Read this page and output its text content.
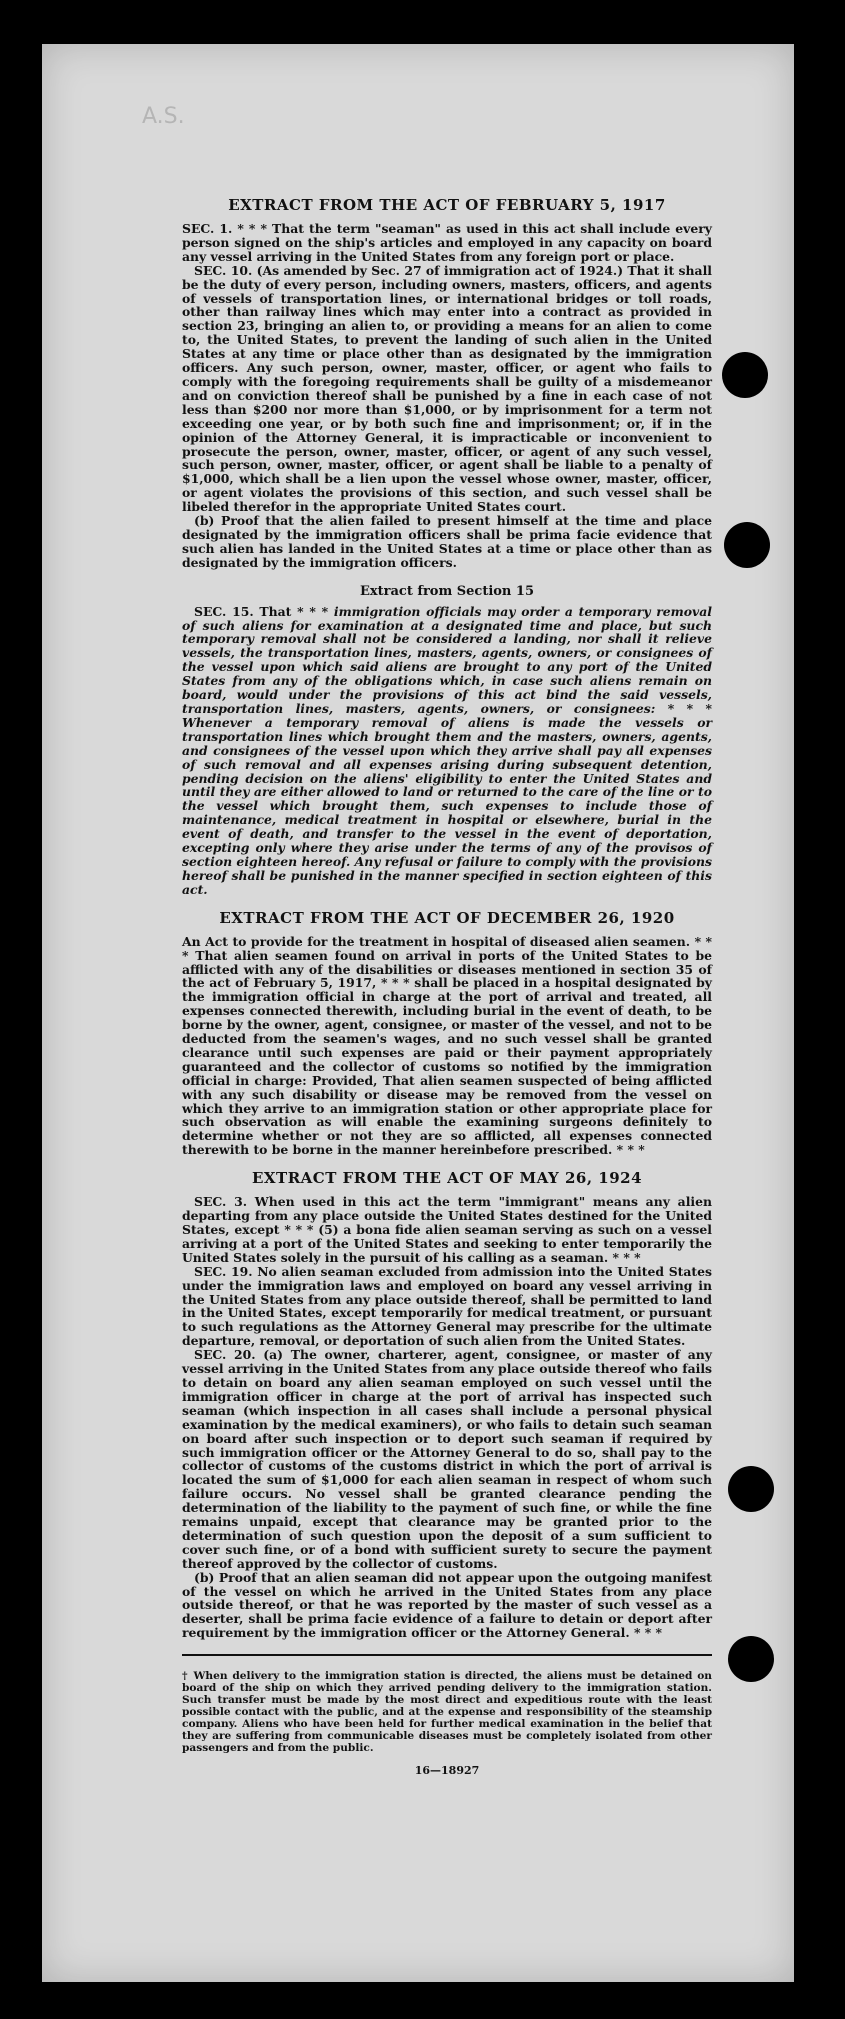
A.S.

EXTRACT FROM THE ACT OF FEBRUARY 5, 1917

SEC. 1. * * * That the term "seaman" as used in this act shall include every person signed on the ship's articles and employed in any capacity on board any vessel arriving in the United States from any foreign port or place.

SEC. 10. (As amended by Sec. 27 of immigration act of 1924.) That it shall be the duty of every person, including owners, masters, officers, and agents of vessels of transportation lines, or international bridges or toll roads, other than railway lines which may enter into a contract as provided in section 23, bringing an alien to, or providing a means for an alien to come to, the United States, to prevent the landing of such alien in the United States at any time or place other than as designated by the immigration officers. Any such person, owner, master, officer, or agent who fails to comply with the foregoing requirements shall be guilty of a misdemeanor and on conviction thereof shall be punished by a fine in each case of not less than $200 nor more than $1,000, or by imprisonment for a term not exceeding one year, or by both such fine and imprisonment; or, if in the opinion of the Attorney General, it is impracticable or inconvenient to prosecute the person, owner, master, officer, or agent of any such vessel, such person, owner, master, officer, or agent shall be liable to a penalty of $1,000, which shall be a lien upon the vessel whose owner, master, officer, or agent violates the provisions of this section, and such vessel shall be libeled therefor in the appropriate United States court.

(b) Proof that the alien failed to present himself at the time and place designated by the immigration officers shall be prima facie evidence that such alien has landed in the United States at a time or place other than as designated by the immigration officers.

Extract from Section 15

SEC. 15. That * * * immigration officials may order a temporary removal of such aliens for examination at a designated time and place, but such temporary removal shall not be considered a landing, nor shall it relieve vessels, the transportation lines, masters, agents, owners, or consignees of the vessel upon which said aliens are brought to any port of the United States from any of the obligations which, in case such aliens remain on board, would under the provisions of this act bind the said vessels, transportation lines, masters, agents, owners, or consignees: * * * Whenever a temporary removal of aliens is made the vessels or transportation lines which brought them and the masters, owners, agents, and consignees of the vessel upon which they arrive shall pay all expenses of such removal and all expenses arising during subsequent detention, pending decision on the aliens' eligibility to enter the United States and until they are either allowed to land or returned to the care of the line or to the vessel which brought them, such expenses to include those of maintenance, medical treatment in hospital or elsewhere, burial in the event of death, and transfer to the vessel in the event of deportation, excepting only where they arise under the terms of any of the provisos of section eighteen hereof. Any refusal or failure to comply with the provisions hereof shall be punished in the manner specified in section eighteen of this act.

EXTRACT FROM THE ACT OF DECEMBER 26, 1920

An Act to provide for the treatment in hospital of diseased alien seamen. * * * That alien seamen found on arrival in ports of the United States to be afflicted with any of the disabilities or diseases mentioned in section 35 of the act of February 5, 1917, * * * shall be placed in a hospital designated by the immigration official in charge at the port of arrival and treated, all expenses connected therewith, including burial in the event of death, to be borne by the owner, agent, consignee, or master of the vessel, and not to be deducted from the seamen's wages, and no such vessel shall be granted clearance until such expenses are paid or their payment appropriately guaranteed and the collector of customs so notified by the immigration official in charge: Provided, That alien seamen suspected of being afflicted with any such disability or disease may be removed from the vessel on which they arrive to an immigration station or other appropriate place for such observation as will enable the examining surgeons definitely to determine whether or not they are so afflicted, all expenses connected therewith to be borne in the manner hereinbefore prescribed. * * *

EXTRACT FROM THE ACT OF MAY 26, 1924

SEC. 3. When used in this act the term "immigrant" means any alien departing from any place outside the United States destined for the United States, except * * * (5) a bona fide alien seaman serving as such on a vessel arriving at a port of the United States and seeking to enter temporarily the United States solely in the pursuit of his calling as a seaman. * * *

SEC. 19. No alien seaman excluded from admission into the United States under the immigration laws and employed on board any vessel arriving in the United States from any place outside thereof, shall be permitted to land in the United States, except temporarily for medical treatment, or pursuant to such regulations as the Attorney General may prescribe for the ultimate departure, removal, or deportation of such alien from the United States.

SEC. 20. (a) The owner, charterer, agent, consignee, or master of any vessel arriving in the United States from any place outside thereof who fails to detain on board any alien seaman employed on such vessel until the immigration officer in charge at the port of arrival has inspected such seaman (which inspection in all cases shall include a personal physical examination by the medical examiners), or who fails to detain such seaman on board after such inspection or to deport such seaman if required by such immigration officer or the Attorney General to do so, shall pay to the collector of customs of the customs district in which the port of arrival is located the sum of $1,000 for each alien seaman in respect of whom such failure occurs. No vessel shall be granted clearance pending the determination of the liability to the payment of such fine, or while the fine remains unpaid, except that clearance may be granted prior to the determination of such question upon the deposit of a sum sufficient to cover such fine, or of a bond with sufficient surety to secure the payment thereof approved by the collector of customs.

(b) Proof that an alien seaman did not appear upon the outgoing manifest of the vessel on which he arrived in the United States from any place outside thereof, or that he was reported by the master of such vessel as a deserter, shall be prima facie evidence of a failure to detain or deport after requirement by the immigration officer or the Attorney General. * * *

† When delivery to the immigration station is directed, the aliens must be detained on board of the ship on which they arrived pending delivery to the immigration station. Such transfer must be made by the most direct and expeditious route with the least possible contact with the public, and at the expense and responsibility of the steamship company. Aliens who have been held for further medical examination in the belief that they are suffering from communicable diseases must be completely isolated from other passengers and from the public.

16—18927
